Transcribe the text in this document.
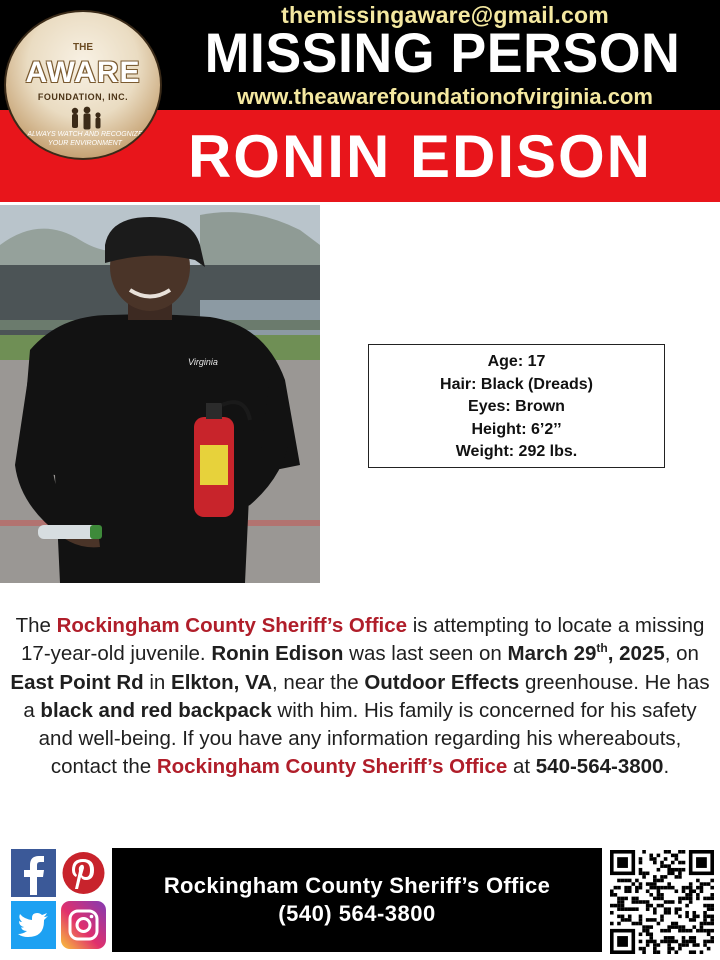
themissingaware@gmail.com
MISSING PERSON
www.theawarefoundationofvirginia.com
RONIN EDISON
THE
AWARE
FOUNDATION, INC.
ALWAYS WATCH AND RECOGNIZE
YOUR ENVIRONMENT
Virginia	Age: 17
Hair: Black (Dreads)
Eyes: Brown
Height: 6’2’’
Weight: 292 lbs.
The Rockingham County Sheriff’s Office is attempting to locate a missing 17-year-old juvenile. Ronin Edison was last seen on March 29th, 2025, on East Point Rd in Elkton, VA, near the Outdoor Effects greenhouse. He has a black and red backpack with him. His family is concerned for his safety and well-being. If you have any information regarding his whereabouts, contact the Rockingham County Sheriff’s Office at 540-564-3800.
Rockingham County Sheriff’s Office
(540) 564-3800
